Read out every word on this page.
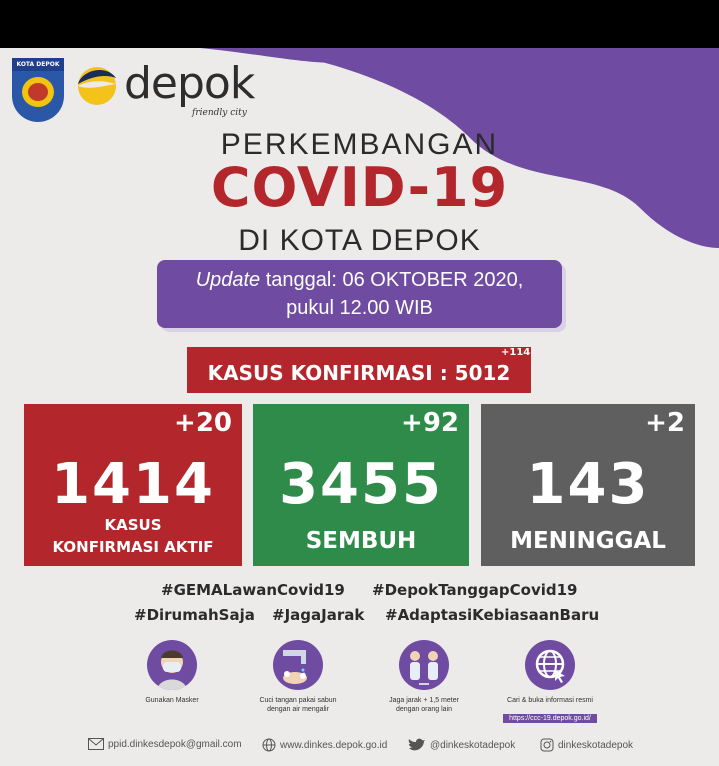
KOTA DEPOK depok
friendly city
PERKEMBANGAN
COVID-19
DI KOTA DEPOK
Update tanggal: 06 OKTOBER 2020,
pukul 12.00 WIB
KASUS KONFIRMASI : 5012
+114
+20
1414
KASUS
KONFIRMASI AKTIF
+92
3455
SEMBUH
+2
143
MENINGGAL
#GEMALawanCovid19 #DepokTanggapCovid19
#DirumahSaja #JagaJarak #AdaptasiKebiasaanBaru
Gunakan Masker	Cuci tangan pakai sabun
dengan air mengalir
Jaga jarak + 1,5 meter
dengan orang lain
Cari & buka informasi resmi
https://ccc-19.depok.go.id/
ppid.dinkesdepok@gmail.com	www.dinkes.depok.go.id	@dinkeskotadepok	dinkeskotadepok
